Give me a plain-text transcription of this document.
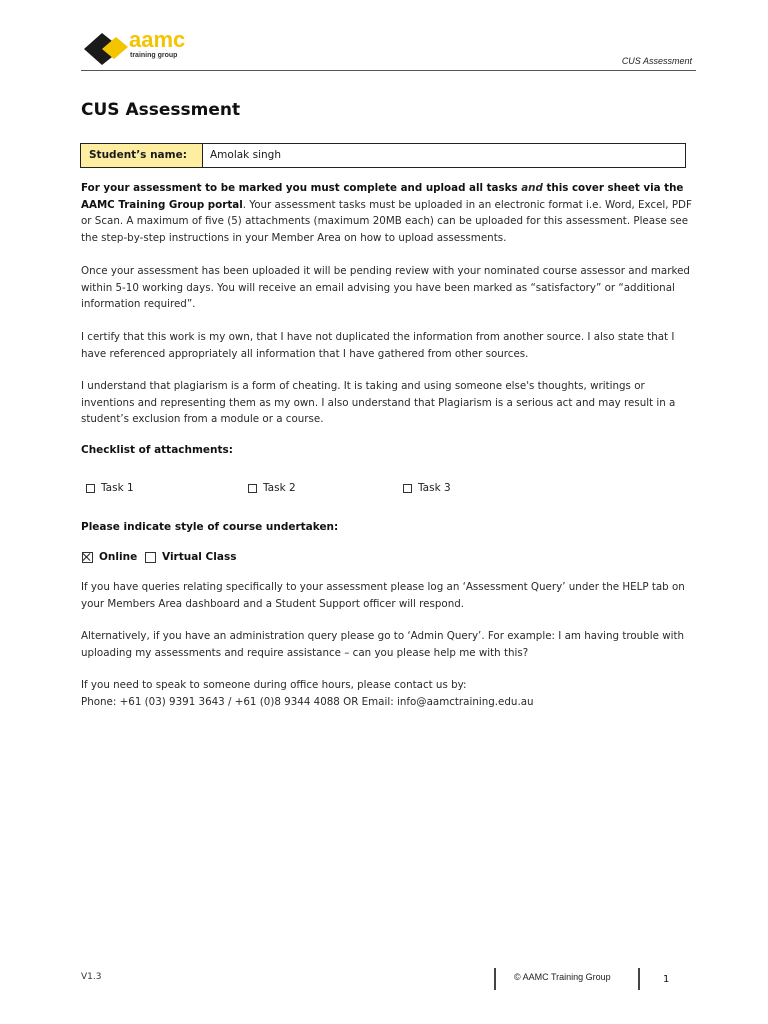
aamc
training group
CUS Assessment
CUS Assessment
Student’s name:	Amolak singh

For your assessment to be marked you must complete and upload all tasks and this cover sheet via the AAMC Training Group portal. Your assessment tasks must be uploaded in an electronic format i.e. Word, Excel, PDF or Scan. A maximum of five (5) attachments (maximum 20MB each) can be uploaded for this assessment. Please see the step-by-step instructions in your Member Area on how to upload assessments.

Once your assessment has been uploaded it will be pending review with your nominated course assessor and marked within 5-10 working days. You will receive an email advising you have been marked as “satisfactory” or “additional information required”.

I certify that this work is my own, that I have not duplicated the information from another source. I also state that I have referenced appropriately all information that I have gathered from other sources.

I understand that plagiarism is a form of cheating. It is taking and using someone else's thoughts, writings or inventions and representing them as my own. I also understand that Plagiarism is a serious act and may result in a student’s exclusion from a module or a course.

Checklist of attachments:
Task 1	Task 2	Task 3
Please indicate style of course undertaken:
Online Virtual Class

If you have queries relating specifically to your assessment please log an ‘Assessment Query’ under the HELP tab on your Members Area dashboard and a Student Support officer will respond.

Alternatively, if you have an administration query please go to ‘Admin Query’. For example: I am having trouble with uploading my assessments and require assistance – can you please help me with this?

If you need to speak to someone during office hours, please contact us by:

Phone: +61 (03) 9391 3643 / +61 (0)8 9344 4088 OR Email: info@aamctraining.edu.au

V1.3	© AAMC Training Group	1
